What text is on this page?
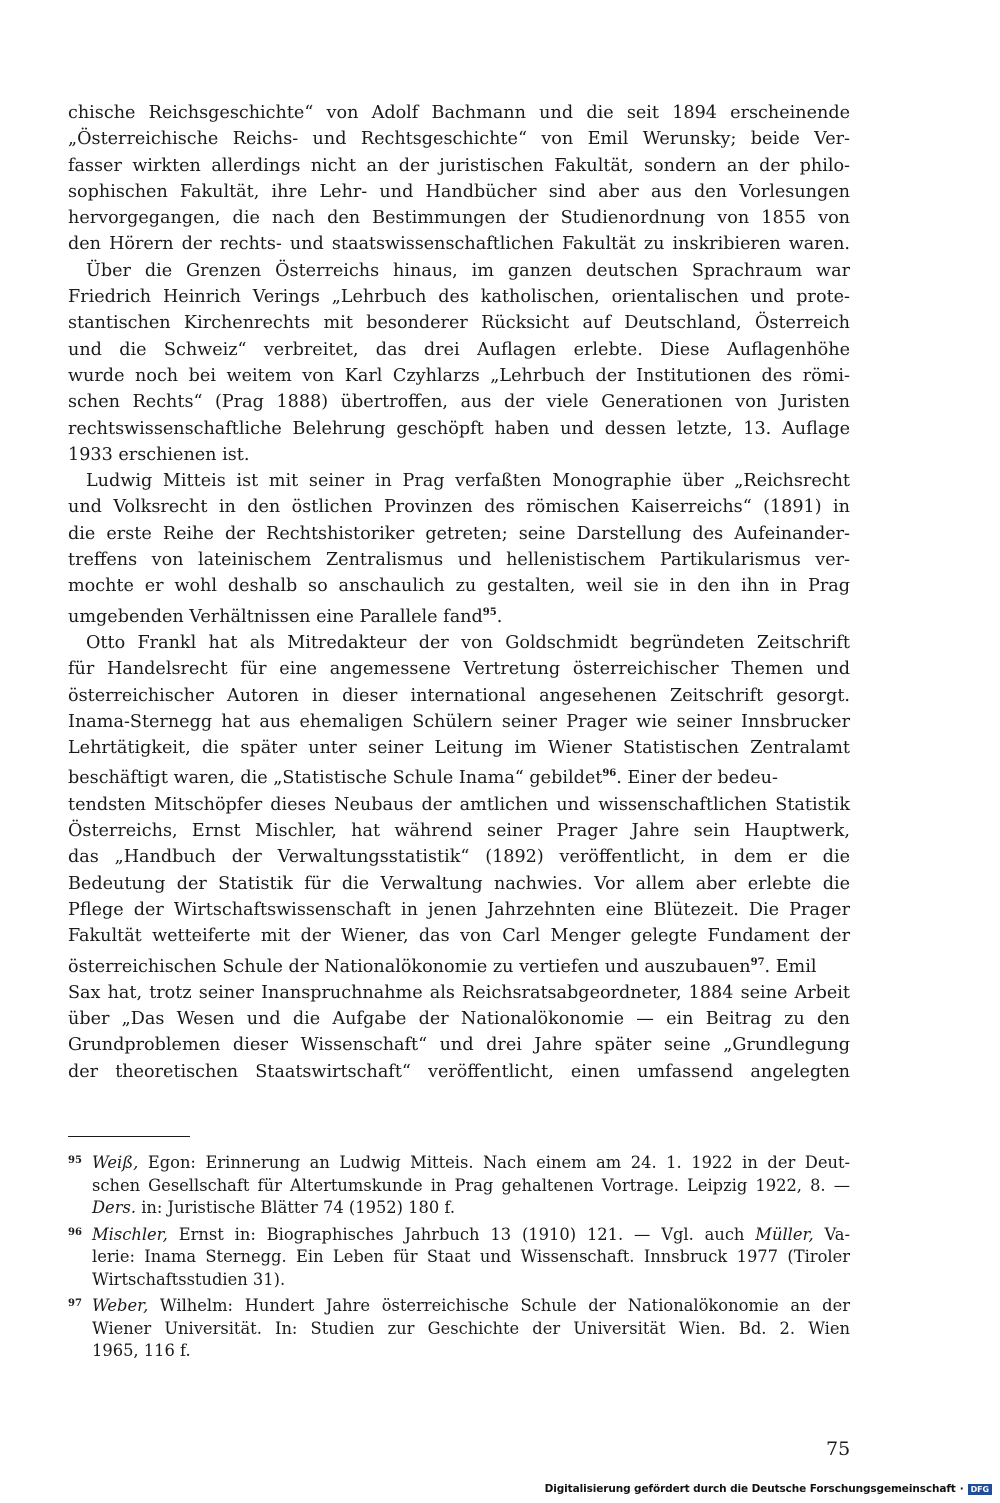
chische Reichsgeschichte“ von Adolf Bachmann und die seit 1894 erscheinende
„Österreichische Reichs- und Rechtsgeschichte“ von Emil Werunsky; beide Ver-
fasser wirkten allerdings nicht an der juristischen Fakultät, sondern an der philo-
sophischen Fakultät, ihre Lehr- und Handbücher sind aber aus den Vorlesungen
hervorgegangen, die nach den Bestimmungen der Studienordnung von 1855 von
den Hörern der rechts- und staatswissenschaftlichen Fakultät zu inskribieren waren.
Über die Grenzen Österreichs hinaus, im ganzen deutschen Sprachraum war
Friedrich Heinrich Verings „Lehrbuch des katholischen, orientalischen und prote-
stantischen Kirchenrechts mit besonderer Rücksicht auf Deutschland, Österreich
und die Schweiz“ verbreitet, das drei Auflagen erlebte. Diese Auflagenhöhe
wurde noch bei weitem von Karl Czyhlarzs „Lehrbuch der Institutionen des römi-
schen Rechts“ (Prag 1888) übertroffen, aus der viele Generationen von Juristen
rechtswissenschaftliche Belehrung geschöpft haben und dessen letzte, 13. Auflage
1933 erschienen ist.
Ludwig Mitteis ist mit seiner in Prag verfaßten Monographie über „Reichsrecht
und Volksrecht in den östlichen Provinzen des römischen Kaiserreichs“ (1891) in
die erste Reihe der Rechtshistoriker getreten; seine Darstellung des Aufeinander-
treffens von lateinischem Zentralismus und hellenistischem Partikularismus ver-
mochte er wohl deshalb so anschaulich zu gestalten, weil sie in den ihn in Prag
umgebenden Verhältnissen eine Parallele fand$^{95}$.
Otto Frankl hat als Mitredakteur der von Goldschmidt begründeten Zeitschrift
für Handelsrecht für eine angemessene Vertretung österreichischer Themen und
österreichischer Autoren in dieser international angesehenen Zeitschrift gesorgt.
Inama-Sternegg hat aus ehemaligen Schülern seiner Prager wie seiner Innsbrucker
Lehrtätigkeit, die später unter seiner Leitung im Wiener Statistischen Zentralamt
beschäftigt waren, die „Statistische Schule Inama“ gebildet$^{96}$. Einer der bedeu-
tendsten Mitschöpfer dieses Neubaus der amtlichen und wissenschaftlichen Statistik
Österreichs, Ernst Mischler, hat während seiner Prager Jahre sein Hauptwerk,
das „Handbuch der Verwaltungsstatistik“ (1892) veröffentlicht, in dem er die
Bedeutung der Statistik für die Verwaltung nachwies. Vor allem aber erlebte die
Pflege der Wirtschaftswissenschaft in jenen Jahrzehnten eine Blütezeit. Die Prager
Fakultät wetteiferte mit der Wiener, das von Carl Menger gelegte Fundament der
österreichischen Schule der Nationalökonomie zu vertiefen und auszubauen$^{97}$. Emil
Sax hat, trotz seiner Inanspruchnahme als Reichsratsabgeordneter, 1884 seine Arbeit
über „Das Wesen und die Aufgabe der Nationalökonomie — ein Beitrag zu den
Grundproblemen dieser Wissenschaft“ und drei Jahre später seine „Grundlegung
der theoretischen Staatswirtschaft“ veröffentlicht, einen umfassend angelegten
95 Weiß, Egon: Erinnerung an Ludwig Mitteis. Nach einem am 24. 1. 1922 in der Deut-
schen Gesellschaft für Altertumskunde in Prag gehaltenen Vortrage. Leipzig 1922, 8. —
Ders. in: Juristische Blätter 74 (1952) 180 f.
96 Mischler, Ernst in: Biographisches Jahrbuch 13 (1910) 121. — Vgl. auch Müller, Va-
lerie: Inama Sternegg. Ein Leben für Staat und Wissenschaft. Innsbruck 1977 (Tiroler
Wirtschaftsstudien 31).
97 Weber, Wilhelm: Hundert Jahre österreichische Schule der Nationalökonomie an der
Wiener Universität. In: Studien zur Geschichte der Universität Wien. Bd. 2. Wien
1965, 116 f.
75
Digitalisierung gefördert durch die Deutsche Forschungsgemeinschaft · DFG
